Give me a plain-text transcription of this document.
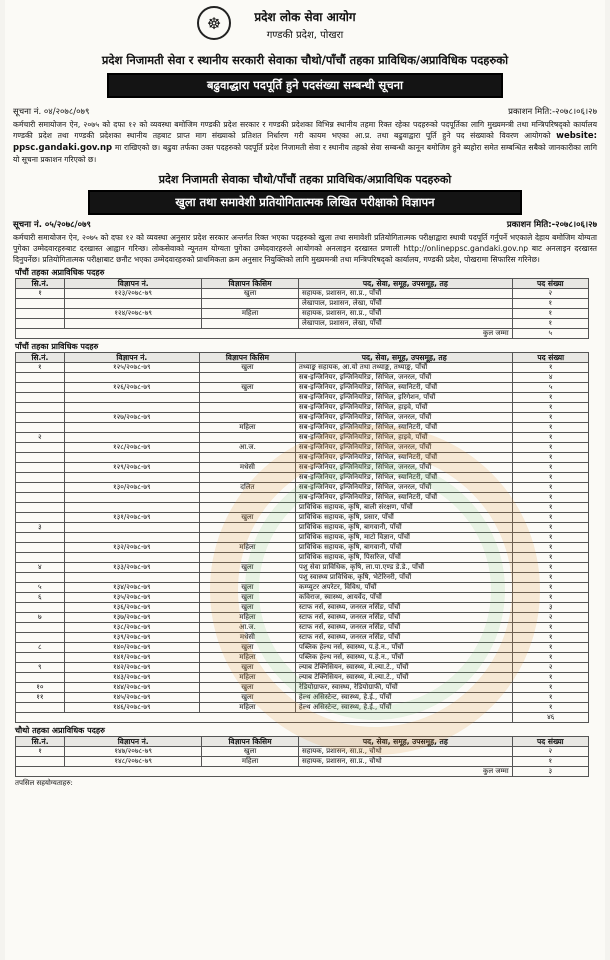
☸	प्रदेश लोक सेवा आयोग
गण्डकी प्रदेश, पोखरा
प्रदेश निजामती सेवा र स्थानीय सरकारी सेवाका चौथो/पाँचौं तहका प्राविधिक/अप्राविधिक पदहरुको
बढुवाद्धारा पदपूर्ति हुने पदसंख्या सम्बन्धी सूचना
सूचना नं. ०४/२०७८/०७९	प्रकाशन मिति:-२०७८।०६।२७
कर्मचारी समायोजन ऐन, २०७५ को दफा १२ को व्यवस्था बमोजिम गण्डकी प्रदेश सरकार र गण्डकी प्रदेशका विभिन्न स्थानीय तहमा रिक्त रहेका पदहरुको पदपूर्तिका लागि मुख्यमन्त्री तथा मन्त्रिपरिषद्को कार्यालय गण्डकी प्रदेश तथा गण्डकी प्रदेशका स्थानीय तहबाट प्राप्त माग संख्याको प्रतिशत निर्धारण गरी कायम भएका आ.प्र. तथा बढुवाद्वारा पूर्ति हुने पद संख्याको विवरण आयोगको website: ppsc.gandaki.gov.np मा राखिएको छ। बढुवा तर्फका उक्त पदहरुको पदपूर्ति प्रदेश निजामती सेवा र स्थानीय तहको सेवा सम्बन्धी कानून बमोजिम हुने ब्यहोरा समेत सम्बन्धित सबैको जानकारीका लागि यो सूचना प्रकाशन गरिएको छ।
प्रदेश निजामती सेवाका चौथो/पाँचौं तहका प्राविधिक/अप्राविधिक पदहरुको
खुला तथा समावेशी प्रतियोगितात्मक लिखित परीक्षाको विज्ञापन
सूचना नं. ०५/२०७८/०७९	प्रकाशन मिति:-२०७८।०६।२७
कर्मचारी समायोजन ऐन, २०७५ को दफा १२ को व्यवस्था अनुसार प्रदेश सरकार अन्तर्गत रिक्त भएका पदहरुको खुला तथा समावेशी प्रतियोगितात्मक परीक्षाद्वारा स्थायी पदपूर्ति गर्नुपर्ने भएकाले देहाय बमोजिम योग्यता पुगेका उम्मेदवारहरुबाट दरखास्त आह्वान गरिन्छ। लोकसेवाको न्यूनतम योग्यता पुगेका उम्मेदवारहरुले आयोगको अनलाइन दरखास्त प्रणाली http://onlineppsc.gandaki.gov.np बाट अनलाइन दरखास्त दिनुपर्नेछ। प्रतियोगितात्मक परीक्षाबाट छनौट भएका उम्मेदवारहरुको प्राथमिकता क्रम अनुसार नियुक्तिको लागि मुख्यमन्त्री तथा मन्त्रिपरिषद्को कार्यालय, गण्डकी प्रदेश, पोखरामा सिफारिस गरिनेछ।
पाँचौं तहका अप्राविधिक पदहरु
सि.नं.	विज्ञापन नं.	विज्ञापन किसिम	पद, सेवा, समूह, उपसमूह, तह	पद संख्या
१	१२३/२०७८-७९	खुला	सहायक, प्रशासन, सा.प्र., पाँचौं	२
			लेखापाल, प्रशासन, लेखा, पाँचौं	१
	१२४/२०७८-७९	महिला	सहायक, प्रशासन, सा.प्र., पाँचौं	१
			लेखापाल, प्रशासन, लेखा, पाँचौं	१
कुल जम्मा				५
पाँचौं तहका प्राविधिक पदहरु
सि.नं.	विज्ञापन नं.	विज्ञापन किसिम	पद, सेवा, समूह, उपसमूह, तह	पद संख्या
१	१२५/२०७८-७९	खुला	तथ्याङ्क सहायक, आ.यो तथा तथ्याङ्क, तथ्याङ्क, पाँचौं	१
			सब-इन्जिनियर, इन्जिनियरिङ, सिभिल, जनरल, पाँचौं	४
	१२६/२०७८-७९	खुला	सब-इन्जिनियर, इन्जिनियरिङ, सिभिल, स्यानिटरी, पाँचौं	५
			सब-इन्जिनियर, इन्जिनियरिङ, सिभिल, इरिगेशन, पाँचौं	१
			सब-इन्जिनियर, इन्जिनियरिङ, सिभिल, हाइवे, पाँचौं	१
	१२७/२०७८-७९		सब-इन्जिनियर, इन्जिनियरिङ, सिभिल, जनरल, पाँचौं	१
		महिला	सब-इन्जिनियर, इन्जिनियरिङ, सिभिल, स्यानिटरी, पाँचौं	१
२			सब-इन्जिनियर, इन्जिनियरिङ, सिभिल, हाइवे, पाँचौं	१
	१२८/२०७८-७९	आ.ज.	सब-इन्जिनियर, इन्जिनियरिङ, सिभिल, जनरल, पाँचौं	१
			सब-इन्जिनियर, इन्जिनियरिङ, सिभिल, स्यानिटरी, पाँचौं	१
	१२९/२०७८-७९	मधेसी	सब-इन्जिनियर, इन्जिनियरिङ, सिभिल, जनरल, पाँचौं	१
			सब-इन्जिनियर, इन्जिनियरिङ, सिभिल, स्यानिटरी, पाँचौं	१
	१३०/२०७८-७९	दलित	सब-इन्जिनियर, इन्जिनियरिङ, सिभिल, जनरल, पाँचौं	१
			सब-इन्जिनियर, इन्जिनियरिङ, सिभिल, स्यानिटरी, पाँचौं	१
			प्राविधिक सहायक, कृषि, बाली संरक्षण, पाँचौं	१
	१३१/२०७८-७९	खुला	प्राविधिक सहायक, कृषि, प्रसार, पाँचौं	१
३			प्राविधिक सहायक, कृषि, बागवानी, पाँचौं	१
			प्राविधिक सहायक, कृषि, माटो विज्ञान, पाँचौं	१
	१३२/२०७८-७९	महिला	प्राविधिक सहायक, कृषि, बागवानी, पाँचौं	१
			प्राविधिक सहायक, कृषि, पिसरिज, पाँचौं	१
४	१३३/२०७८-७९	खुला	पशु सेवा प्राविधिक, कृषि, ला.पा.एण्ड डे.डे., पाँचौं	१
			पशु स्वास्थ्य प्राविधिक, कृषि, भेटेरिनरी, पाँचौं	१
५	१३४/२०७८-७९	खुला	कम्प्युटर अपरेटर, विविध, पाँचौं	१
६	१३५/२०७८-७९	खुला	कविराज, स्वास्थ्य, आयर्वेद, पाँचौं	१
	१३६/२०७८-७९	खुला	स्टाफ नर्स, स्वास्थ्य, जनरल नर्सिङ, पाँचौं	३
७	१३७/२०७८-७९	महिला	स्टाफ नर्स, स्वास्थ्य, जनरल नर्सिङ, पाँचौं	२
	१३८/२०७८-७९	आ.ज.	स्टाफ नर्स, स्वास्थ्य, जनरल नर्सिङ, पाँचौं	१
	१३९/२०७८-७९	मधेसी	स्टाफ नर्स, स्वास्थ्य, जनरल नर्सिङ, पाँचौं	१
८	१४०/२०७८-७९	खुला	पब्लिक हेल्थ नर्स, स्वास्थ्य, प.हे.न., पाँचौं	१
	१४१/२०७८-७९	महिला	पब्लिक हेल्थ नर्स, स्वास्थ्य, प.हे.न., पाँचौं	१
९	१४२/२०७८-७९	खुला	ल्याब टेक्निसियन, स्वास्थ्य, मे.ल्या.टे., पाँचौं	२
	१४३/२०७८-७९	महिला	ल्याब टेक्निसियन, स्वास्थ्य, मे.ल्या.टे., पाँचौं	१
१०	१४४/२०७८-७९	खुला	रेडियोग्राफर, स्वास्थ्य, रेडियोग्राफी, पाँचौं	१
११	१४५/२०७८-७९	खुला	हेल्थ असिस्टेन्ट, स्वास्थ्य, हे.ई., पाँचौं	१
	१४६/२०७८-७९	महिला	हेल्थ असिस्टेन्ट, स्वास्थ्य, हे.ई., पाँचौं	१
				४६
चौथो तहका अप्राविधिक पदहरु
सि.नं.	विज्ञापन नं.	विज्ञापन किसिम	पद, सेवा, समूह, उपसमूह, तह	पद संख्या
१	१४७/२०७८-७९	खुला	सहायक, प्रशासन, सा.प्र., चौथो	२
	१४८/२०७८-७९	महिला	सहायक, प्रशासन, सा.प्र., चौथो	१
कुल जम्मा				३
तपसिल सहयोग्यताहरु:
